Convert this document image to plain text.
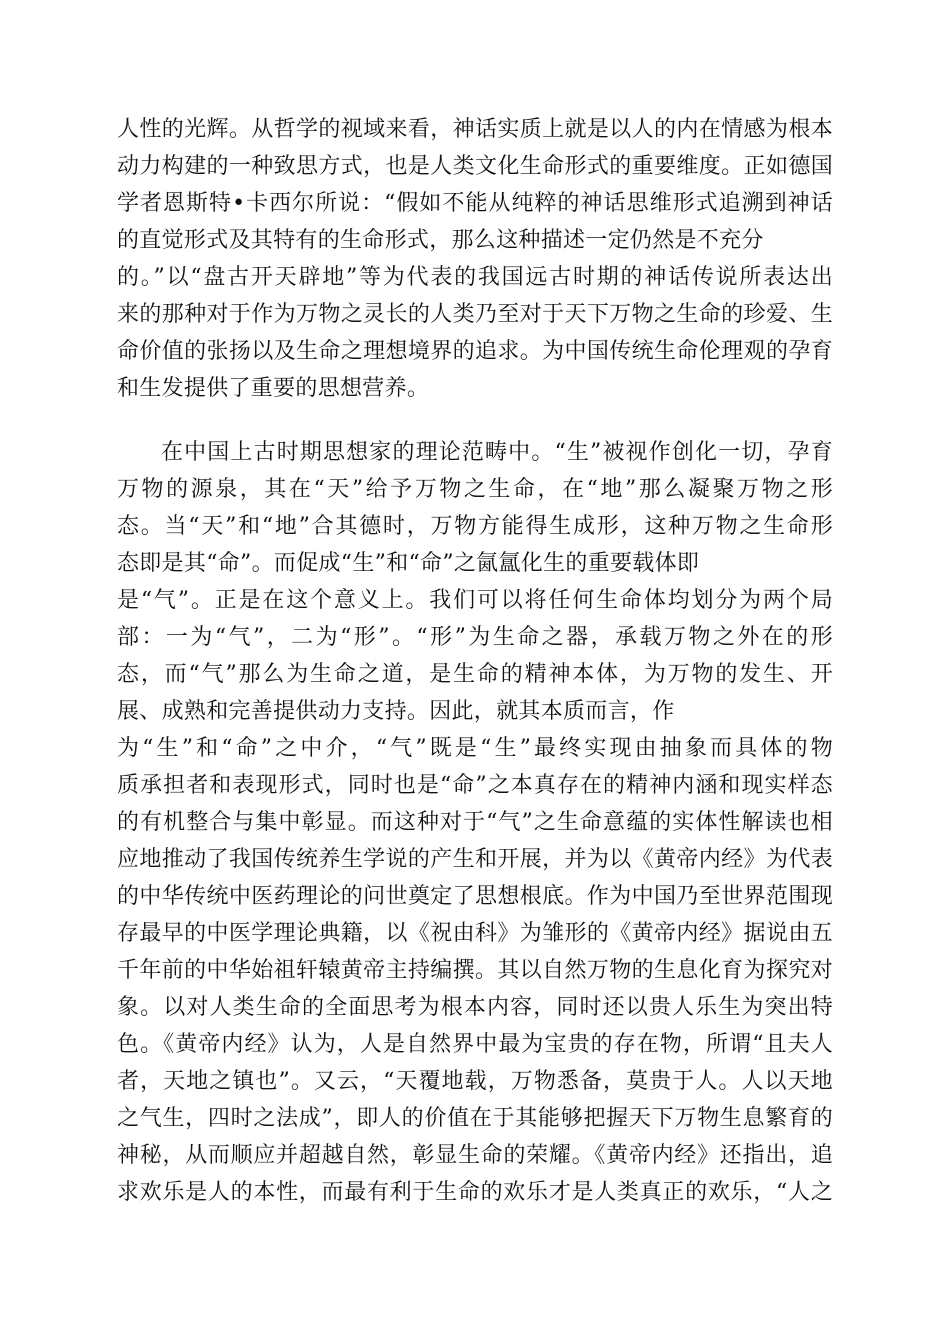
人性的光辉。从哲学的视域来看，神话实质上就是以人的内在情感为根本
动力构建的一种致思方式，也是人类文化生命形式的重要维度。正如德国
学者恩斯特•卡西尔所说：“假如不能从纯粹的神话思维形式追溯到神话
的直觉形式及其特有的生命形式，那么这种描述一定仍然是不充分
的。”以“盘古开天辟地”等为代表的我国远古时期的神话传说所表达出
来的那种对于作为万物之灵长的人类乃至对于天下万物之生命的珍爱、生
命价值的张扬以及生命之理想境界的追求。为中国传统生命伦理观的孕育
和生发提供了重要的思想营养。
在中国上古时期思想家的理论范畴中。“生”被视作创化一切，孕育
万物的源泉，其在“天”给予万物之生命，在“地”那么凝聚万物之形
态。当“天”和“地”合其德时，万物方能得生成形，这种万物之生命形
态即是其“命”。而促成“生”和“命”之氤氲化生的重要载体即
是“气”。正是在这个意义上。我们可以将任何生命体均划分为两个局
部：一为“气”，二为“形”。“形”为生命之器，承载万物之外在的形
态，而“气”那么为生命之道，是生命的精神本体，为万物的发生、开
展、成熟和完善提供动力支持。因此，就其本质而言，作
为“生”和“命”之中介，“气”既是“生”最终实现由抽象而具体的物
质承担者和表现形式，同时也是“命”之本真存在的精神内涵和现实样态
的有机整合与集中彰显。而这种对于“气”之生命意蕴的实体性解读也相
应地推动了我国传统养生学说的产生和开展，并为以《黄帝内经》为代表
的中华传统中医药理论的问世奠定了思想根底。作为中国乃至世界范围现
存最早的中医学理论典籍，以《祝由科》为雏形的《黄帝内经》据说由五
千年前的中华始祖轩辕黄帝主持编撰。其以自然万物的生息化育为探究对
象。以对人类生命的全面思考为根本内容，同时还以贵人乐生为突出特
色。《黄帝内经》认为，人是自然界中最为宝贵的存在物，所谓“且夫人
者，天地之镇也”。又云，“天覆地载，万物悉备，莫贵于人。人以天地
之气生，四时之法成”，即人的价值在于其能够把握天下万物生息繁育的
神秘，从而顺应并超越自然，彰显生命的荣耀。《黄帝内经》还指出，追
求欢乐是人的本性，而最有利于生命的欢乐才是人类真正的欢乐，“人之
